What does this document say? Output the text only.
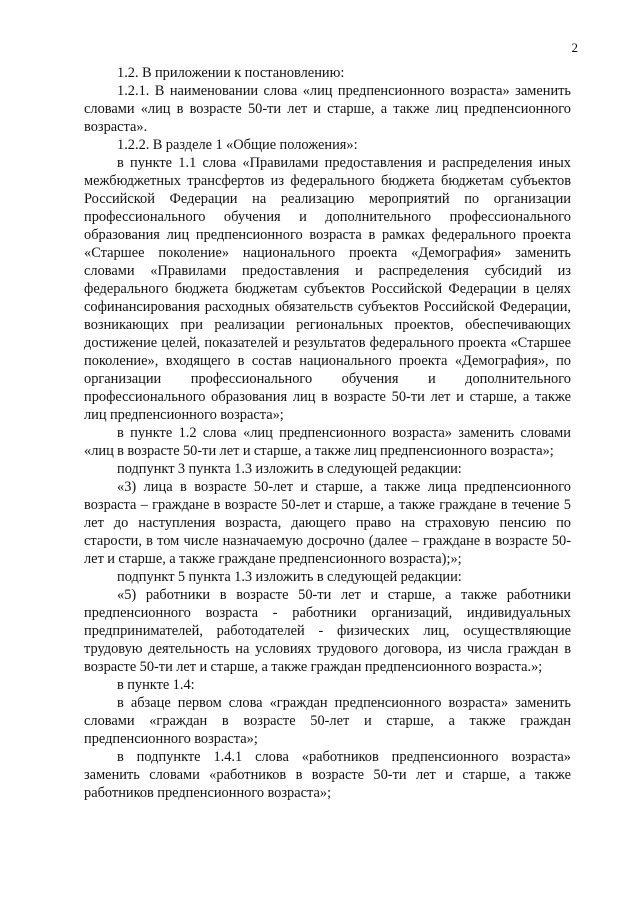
2

1.2. В приложении к постановлению:

1.2.1. В наименовании слова «лиц предпенсионного возраста» заменить словами «лиц в возрасте 50-ти лет и старше, а также лиц предпенсионного возраста».

1.2.2. В разделе 1 «Общие положения»:

в пункте 1.1 слова «Правилами предоставления и распределения иных межбюджетных трансфертов из федерального бюджета бюджетам субъектов Российской Федерации на реализацию мероприятий по организации профессионального обучения и дополнительного профессионального образования лиц предпенсионного возраста в рамках федерального проекта «Старшее поколение» национального проекта «Демография» заменить словами «Правилами предоставления и распределения субсидий из федерального бюджета бюджетам субъектов Российской Федерации в целях софинансирования расходных обязательств субъектов Российской Федерации, возникающих при реализации региональных проектов, обеспечивающих достижение целей, показателей и результатов федерального проекта «Старшее поколение», входящего в состав национального проекта «Демография», по организации профессионального обучения и дополнительного профессионального образования лиц в возрасте 50-ти лет и старше, а также лиц предпенсионного возраста»;

в пункте 1.2 слова «лиц предпенсионного возраста» заменить словами «лиц в возрасте 50-ти лет и старше, а также лиц предпенсионного возраста»;

подпункт 3 пункта 1.3 изложить в следующей редакции:

«3) лица в возрасте 50-лет и старше, а также лица предпенсионного возраста – граждане в возрасте 50-лет и старше, а также граждане в течение 5 лет до наступления возраста, дающего право на страховую пенсию по старости, в том числе назначаемую досрочно (далее – граждане в возрасте 50-лет и старше, а также граждане предпенсионного возраста);»;

подпункт 5 пункта 1.3 изложить в следующей редакции:

«5) работники в возрасте 50-ти лет и старше, а также работники предпенсионного возраста - работники организаций, индивидуальных предпринимателей, работодателей - физических лиц, осуществляющие трудовую деятельность на условиях трудового договора, из числа граждан в возрасте 50-ти лет и старше, а также граждан предпенсионного возраста.»;

в пункте 1.4:

в абзаце первом слова «граждан предпенсионного возраста» заменить словами «граждан в возрасте 50-лет и старше, а также граждан предпенсионного возраста»;

в подпункте 1.4.1 слова «работников предпенсионного возраста» заменить словами «работников в возрасте 50-ти лет и старше, а также работников предпенсионного возраста»;
